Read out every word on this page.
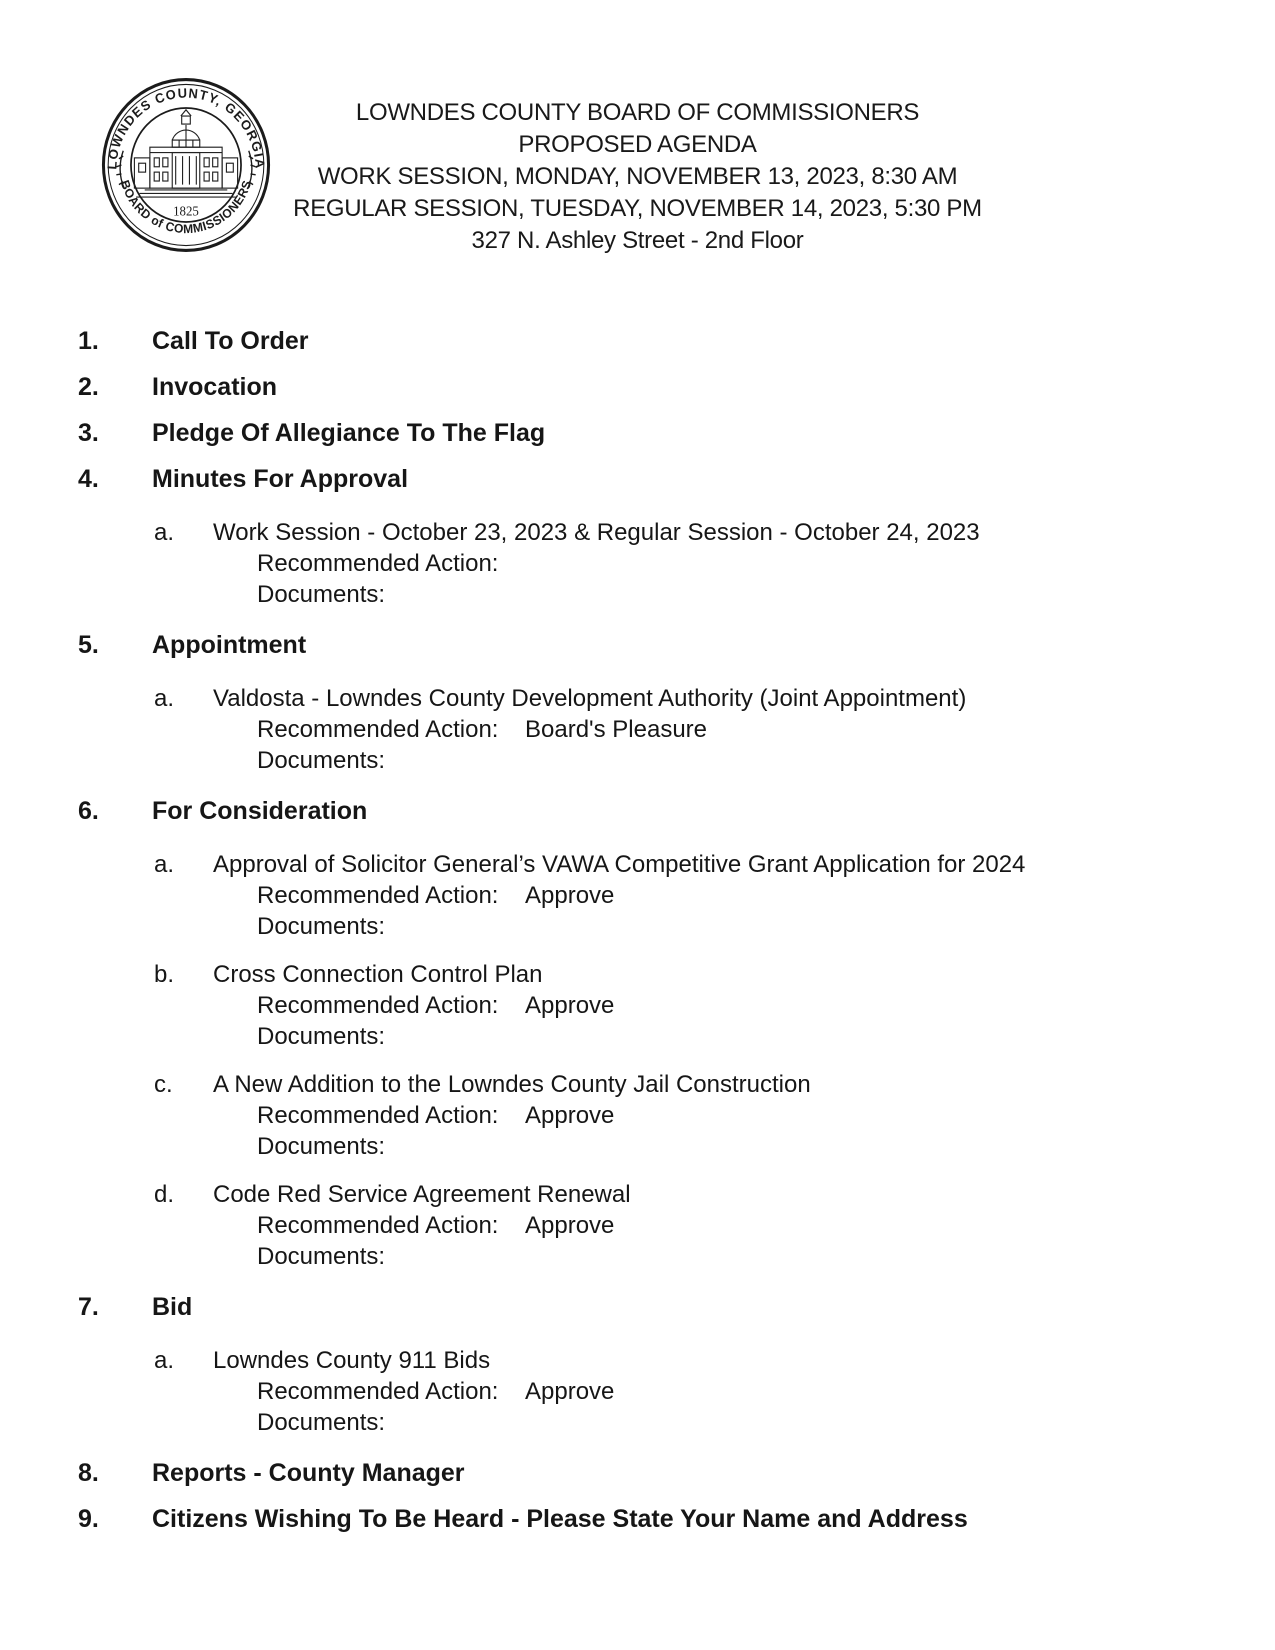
LOWNDES COUNTY, GEORGIA
BOARD of COMMISSIONERS
1825
LOWNDES COUNTY BOARD OF COMMISSIONERS
PROPOSED AGENDA
WORK SESSION, MONDAY, NOVEMBER 13, 2023, 8:30 AM
REGULAR SESSION, TUESDAY, NOVEMBER 14, 2023, 5:30 PM
327 N. Ashley Street - 2nd Floor
1. Call To Order
2. Invocation
3. Pledge Of Allegiance To The Flag
4. Minutes For Approval
a. Work Session - October 23, 2023 & Regular Session - October 24, 2023
Recommended Action:
Documents:
5. Appointment
a. Valdosta - Lowndes County Development Authority (Joint Appointment)
Recommended Action:	Board's Pleasure
Documents:
6. For Consideration
a. Approval of Solicitor General’s VAWA Competitive Grant Application for 2024
Recommended Action:	Approve
Documents:
b. Cross Connection Control Plan
Recommended Action:	Approve
Documents:
c. A New Addition to the Lowndes County Jail Construction
Recommended Action:	Approve
Documents:
d. Code Red Service Agreement Renewal
Recommended Action:	Approve
Documents:
7. Bid
a. Lowndes County 911 Bids
Recommended Action:	Approve
Documents:
8. Reports - County Manager
9. Citizens Wishing To Be Heard - Please State Your Name and Address
